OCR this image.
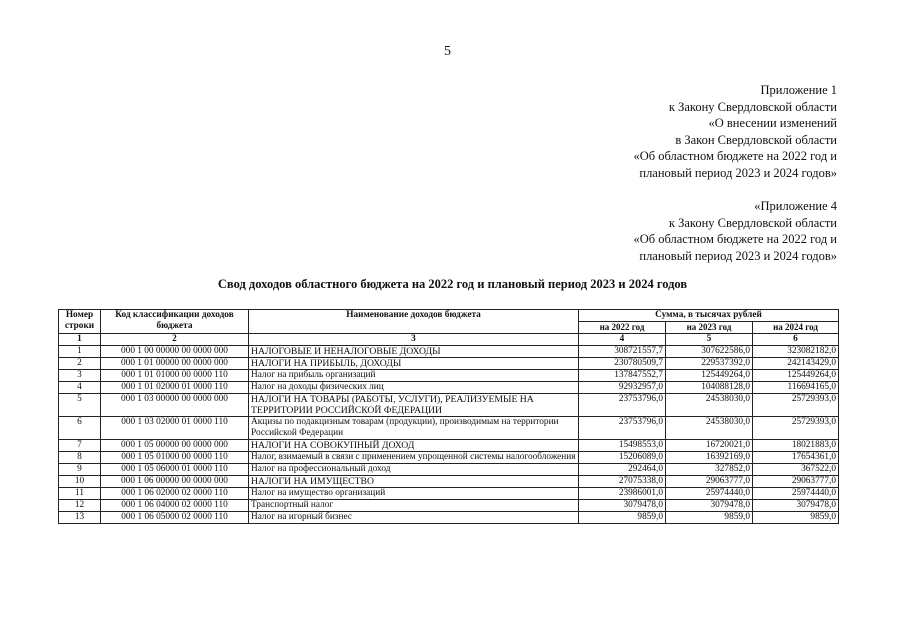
5
Приложение 1
к Закону Свердловской области
«О внесении изменений
в Закон Свердловской области
«Об областном бюджете на 2022 год и
плановый период 2023 и 2024 годов»
«Приложение 4
к Закону Свердловской области
«Об областном бюджете на 2022 год и
плановый период 2023 и 2024 годов»
Свод доходов областного бюджета на 2022 год и плановый период 2023 и 2024 годов
Номер строки	Код классификации доходов бюджета	Наименование доходов бюджета	Сумма, в тысячах рублей		
			на 2022 год	на 2023 год	на 2024 год
1	2	3	4	5	6
1	000 1 00 00000 00 0000 000	НАЛОГОВЫЕ И НЕНАЛОГОВЫЕ ДОХОДЫ	308721557,7	307622586,0	323082182,0
2	000 1 01 00000 00 0000 000	НАЛОГИ НА ПРИБЫЛЬ, ДОХОДЫ	230780509,7	229537392,0	242143429,0
3	000 1 01 01000 00 0000 110	Налог на прибыль организаций	137847552,7	125449264,0	125449264,0
4	000 1 01 02000 01 0000 110	Налог на доходы физических лиц	92932957,0	104088128,0	116694165,0
5	000 1 03 00000 00 0000 000	НАЛОГИ НА ТОВАРЫ (РАБОТЫ, УСЛУГИ), РЕАЛИЗУЕМЫЕ НА ТЕРРИТОРИИ РОССИЙСКОЙ ФЕДЕРАЦИИ	23753796,0	24538030,0	25729393,0
6	000 1 03 02000 01 0000 110	Акцизы по подакцизным товарам (продукции), производимым на территории Российской Федерации	23753796,0	24538030,0	25729393,0
7	000 1 05 00000 00 0000 000	НАЛОГИ НА СОВОКУПНЫЙ ДОХОД	15498553,0	16720021,0	18021883,0
8	000 1 05 01000 00 0000 110	Налог, взимаемый в связи с применением упрощенной системы налогообложения	15206089,0	16392169,0	17654361,0
9	000 1 05 06000 01 0000 110	Налог на профессиональный доход	292464,0	327852,0	367522,0
10	000 1 06 00000 00 0000 000	НАЛОГИ НА ИМУЩЕСТВО	27075338,0	29063777,0	29063777,0
11	000 1 06 02000 02 0000 110	Налог на имущество организаций	23986001,0	25974440,0	25974440,0
12	000 1 06 04000 02 0000 110	Транспортный налог	3079478,0	3079478,0	3079478,0
13	000 1 06 05000 02 0000 110	Налог на игорный бизнес	9859,0	9859,0	9859,0
